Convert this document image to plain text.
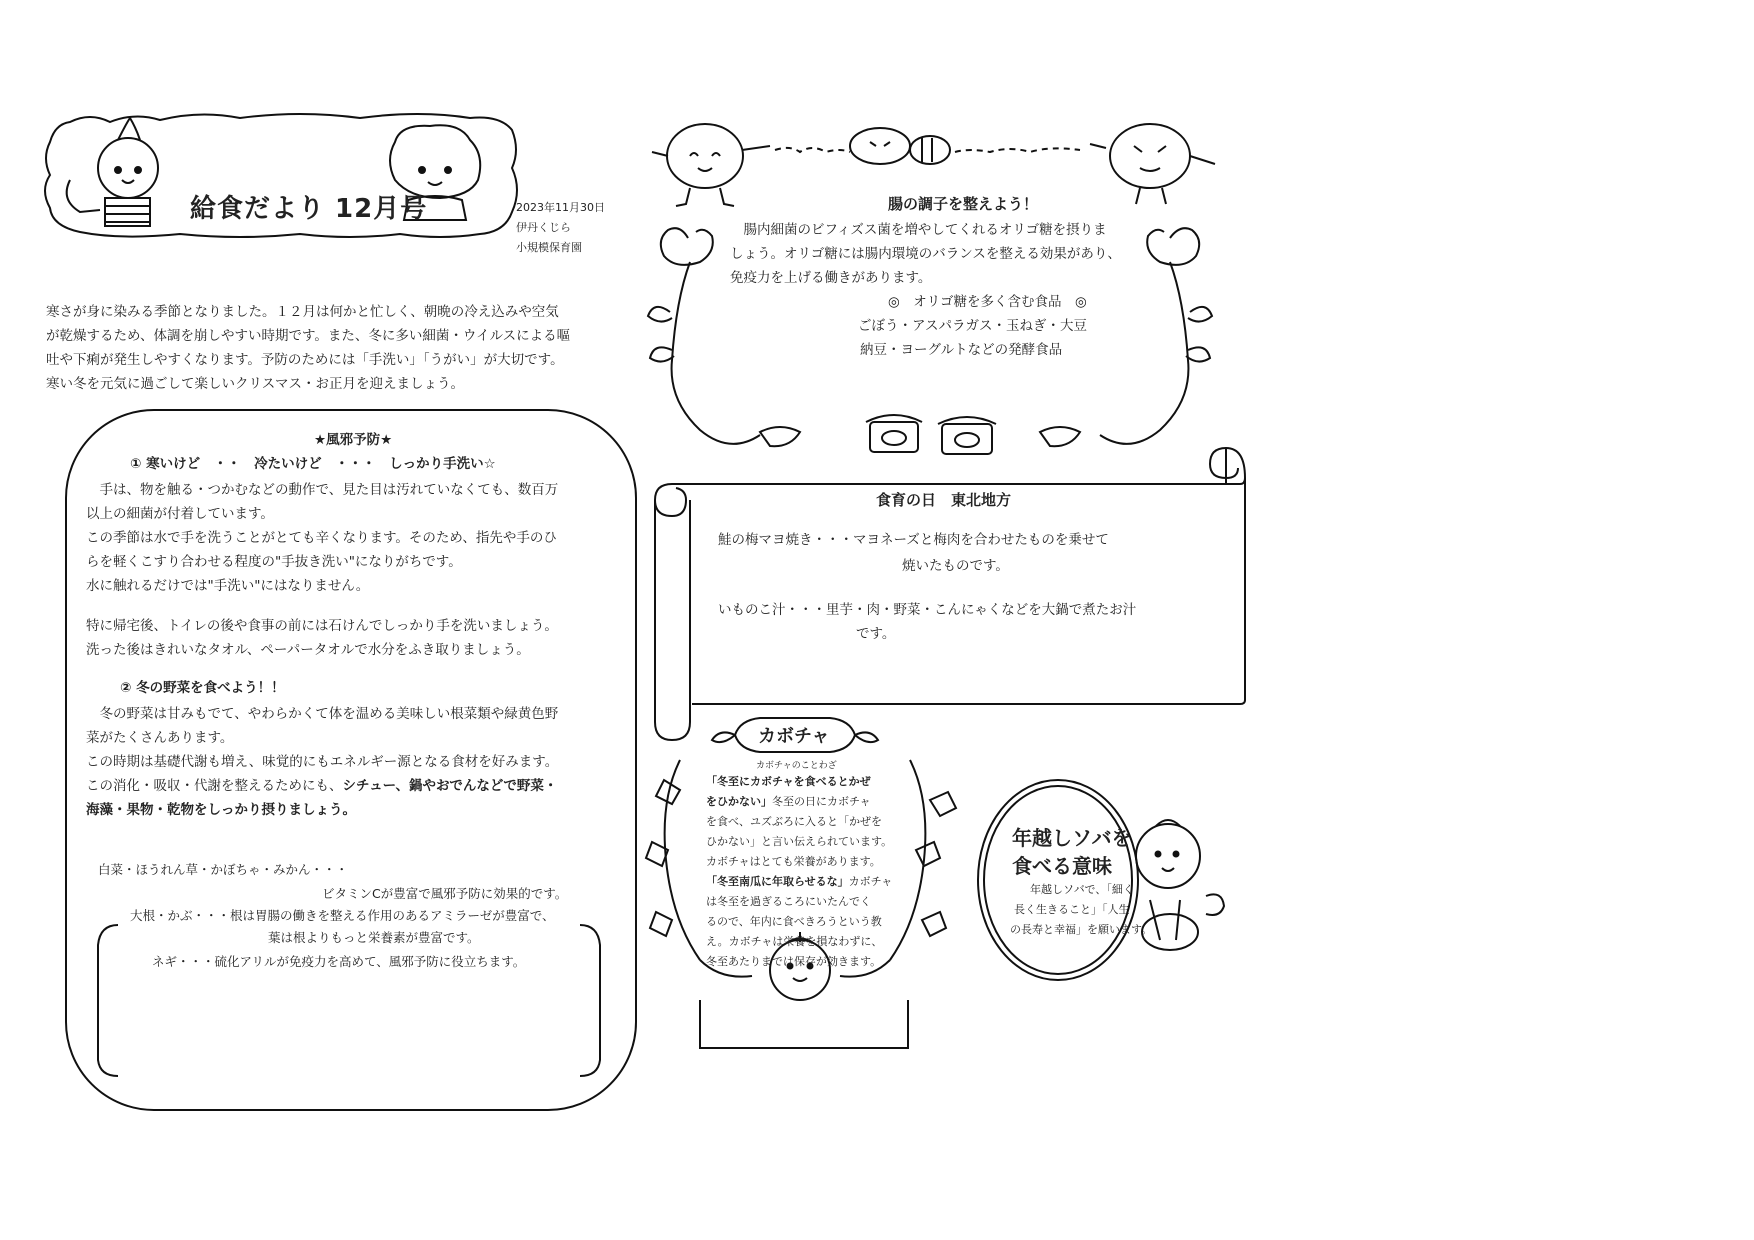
給食だより 12月号	2023年11月30日
伊丹くじら
小規模保育園
寒さが身に染みる季節となりました。１２月は何かと忙しく、朝晩の冷え込みや空気
が乾燥するため、体調を崩しやすい時期です。また、冬に多い細菌・ウイルスによる嘔
吐や下痢が発生しやすくなります。予防のためには「手洗い」「うがい」が大切です。
寒い冬を元気に過ごして楽しいクリスマス・お正月を迎えましょう。
★風邪予防★
① 寒いけど　・・　冷たいけど　・・・　しっかり手洗い☆
　手は、物を触る・つかむなどの動作で、見た目は汚れていなくても、数百万
以上の細菌が付着しています。
この季節は水で手を洗うことがとても辛くなります。そのため、指先や手のひ
らを軽くこすり合わせる程度の"手抜き洗い"になりがちです。
水に触れるだけでは"手洗い"にはなりません。
特に帰宅後、トイレの後や食事の前には石けんでしっかり手を洗いましょう。
洗った後はきれいなタオル、ペーパータオルで水分をふき取りましょう。
② 冬の野菜を食べよう！！
　冬の野菜は甘みもでて、やわらかくて体を温める美味しい根菜類や緑黄色野
菜がたくさんあります。
この時期は基礎代謝も増え、味覚的にもエネルギー源となる食材を好みます。
この消化・吸収・代謝を整えるためにも、シチュー、鍋やおでんなどで野菜・
海藻・果物・乾物をしっかり摂りましょう。
白菜・ほうれん草・かぼちゃ・みかん・・・
ビタミンCが豊富で風邪予防に効果的です。
大根・かぶ・・・根は胃腸の働きを整える作用のあるアミラーゼが豊富で、
葉は根よりもっと栄養素が豊富です。
ネギ・・・硫化アリルが免疫力を高めて、風邪予防に役立ちます。
腸の調子を整えよう！
　腸内細菌のビフィズス菌を増やしてくれるオリゴ糖を摂りま
しょう。オリゴ糖には腸内環境のバランスを整える効果があり、
免疫力を上げる働きがあります。
◎　オリゴ糖を多く含む食品　◎
ごぼう・アスパラガス・玉ねぎ・大豆
納豆・ヨーグルトなどの発酵食品
食育の日　東北地方
鮭の梅マヨ焼き・・・マヨネーズと梅肉を合わせたものを乗せて
焼いたものです。
いものこ汁・・・里芋・肉・野菜・こんにゃくなどを大鍋で煮たお汁
です。
カボチャ
カボチャのことわざ
「冬至にカボチャを食べるとかぜ
をひかない」冬至の日にカボチャ
を食べ、ユズぶろに入ると「かぜを
ひかない」と言い伝えられています。
カボチャはとても栄養があります。
「冬至南瓜に年取らせるな」カボチャ
は冬至を過ぎるころにいたんでく
るので、年内に食べきろうという教
え。カボチャは栄養を損なわずに、
冬至あたりまでは保存が効きます。
年越しソバを
食べる意味
年越しソバで、「細く
長く生きること」「人生
の長寿と幸福」を願います。
